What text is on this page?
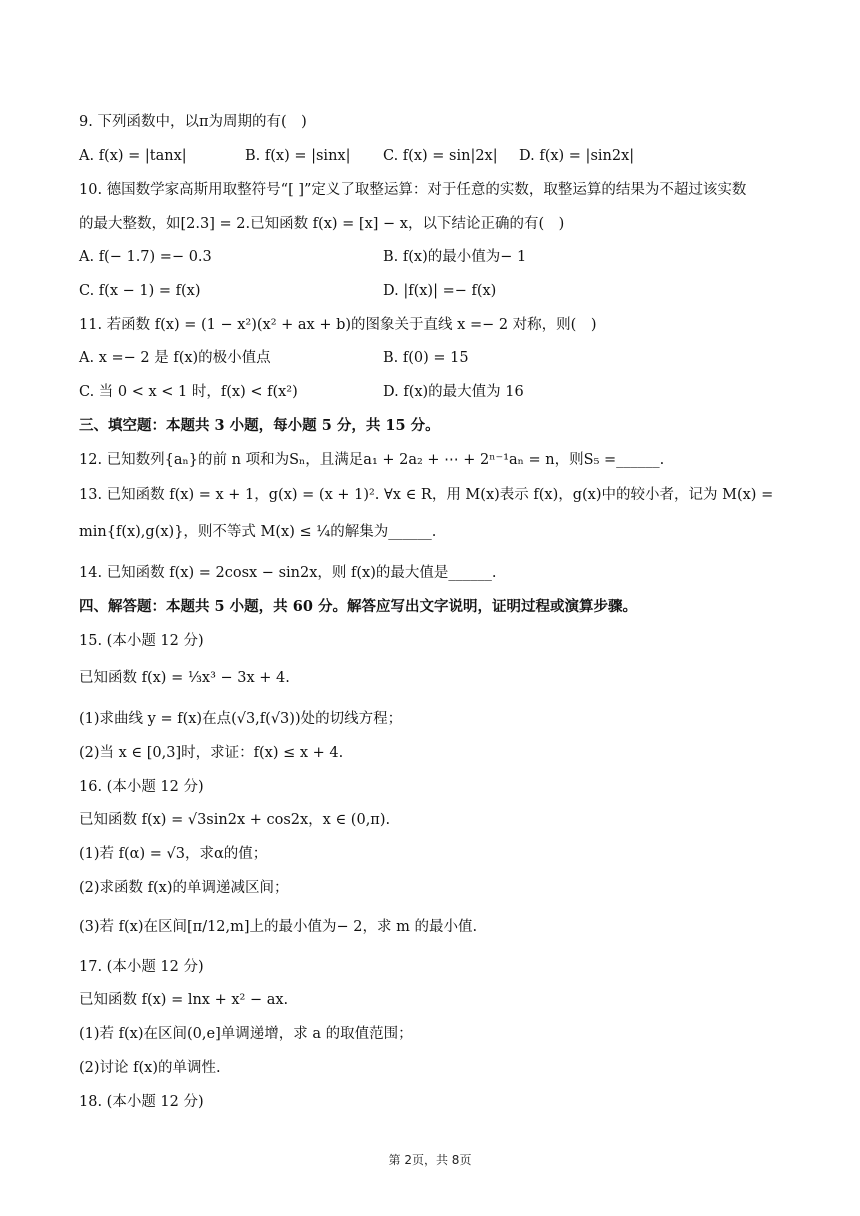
9. 下列函数中，以π为周期的有(　)
A. f(x) = |tanx|	B. f(x) = |sinx| C. f(x) = sin|2x| D. f(x) = |sin2x|
10. 德国数学家高斯用取整符号“[ ]”定义了取整运算：对于任意的实数，取整运算的结果为不超过该实数
的最大整数，如[2.3] = 2.已知函数 f(x) = [x] − x，以下结论正确的有(　)
A. f(− 1.7) =− 0.3	B. f(x)的最小值为− 1
C. f(x − 1) = f(x)	D. |f(x)| =− f(x)
11. 若函数 f(x) = (1 − x²)(x² + ax + b)的图象关于直线 x =− 2 对称，则(　)
A. x =− 2 是 f(x)的极小值点	B. f(0) = 15
C. 当 0 < x < 1 时，f(x) < f(x²)	D. f(x)的最大值为 16
三、填空题：本题共 3 小题，每小题 5 分，共 15 分。
12. 已知数列{aₙ}的前 n 项和为Sₙ，且满足a₁ + 2a₂ + ⋯ + 2ⁿ⁻¹aₙ = n，则S₅ =______.
13. 已知函数 f(x) = x + 1，g(x) = (x + 1)². ∀x ∈ R，用 M(x)表示 f(x)，g(x)中的较小者，记为 M(x) =
min{f(x),g(x)}，则不等式 M(x) ≤ ¼的解集为______.
14. 已知函数 f(x) = 2cosx − sin2x，则 f(x)的最大值是______.
四、解答题：本题共 5 小题，共 60 分。解答应写出文字说明，证明过程或演算步骤。
15. (本小题 12 分)
已知函数 f(x) = ⅓x³ − 3x + 4.
(1)求曲线 y = f(x)在点(√3,f(√3))处的切线方程；
(2)当 x ∈ [0,3]时，求证：f(x) ≤ x + 4.
16. (本小题 12 分)
已知函数 f(x) = √3sin2x + cos2x，x ∈ (0,π).
(1)若 f(α) = √3，求α的值；
(2)求函数 f(x)的单调递减区间；
(3)若 f(x)在区间[π/12,m]上的最小值为− 2，求 m 的最小值.
17. (本小题 12 分)
已知函数 f(x) = lnx + x² − ax.
(1)若 f(x)在区间(0,e]单调递增，求 a 的取值范围；
(2)讨论 f(x)的单调性.
18. (本小题 12 分)
第 2页，共 8页
